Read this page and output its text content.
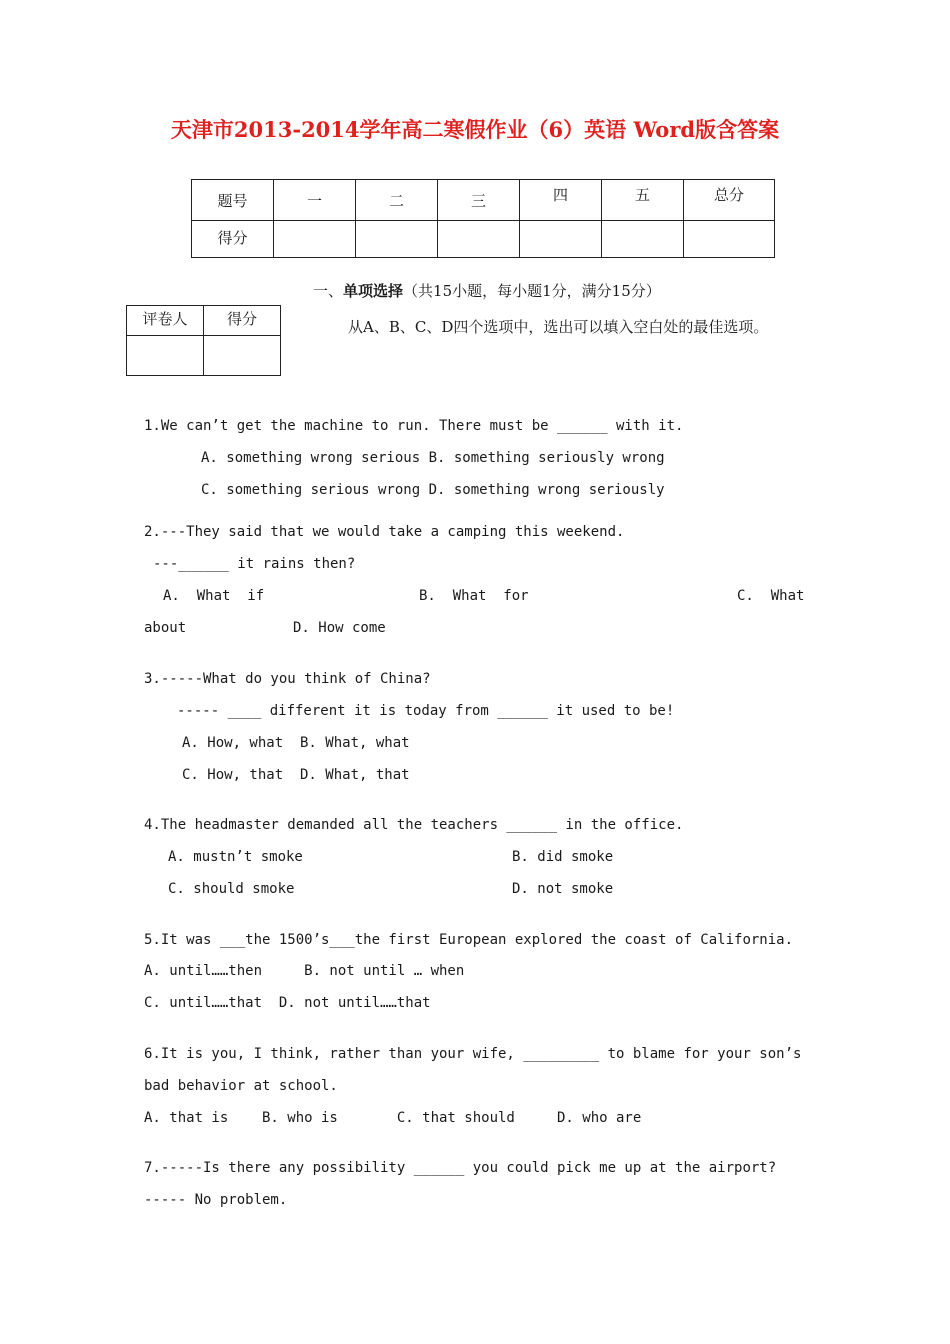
天津市2013-2014学年高二寒假作业（6）英语 Word版含答案
题号	一	二	三	四	五	总分
得分						
一、单项选择（共15小题，每小题1分，满分15分）
评卷人	得分
		从A、B、C、D四个选项中，选出可以填入空白处的最佳选项。
1.We can’t get the machine to run. There must be ______ with it.
A. something wrong serious B. something seriously wrong
C. something serious wrong D. something wrong seriously
2.---They said that we would take a camping this weekend.
---______ it rains then?
A.  What  if	B.  What  for	C.  What
about	D. How come
3.-----What do you think of China?
----- ____ different it is today from ______ it used to be!
A. How, what  B. What, what
C. How, that  D. What, that
4.The headmaster demanded all the teachers ______ in the office.
A. mustn’t smoke	B. did smoke
C. should smoke	D. not smoke
5.It was ___the 1500’s___the first European explored the coast of California.
A. until……then     B. not until … when
C. until……that  D. not until……that
6.It is you, I think, rather than your wife, _________ to blame for your son’s
bad behavior at school.
A. that is    B. who is       C. that should     D. who are
7.-----Is there any possibility ______ you could pick me up at the airport?
----- No problem.
